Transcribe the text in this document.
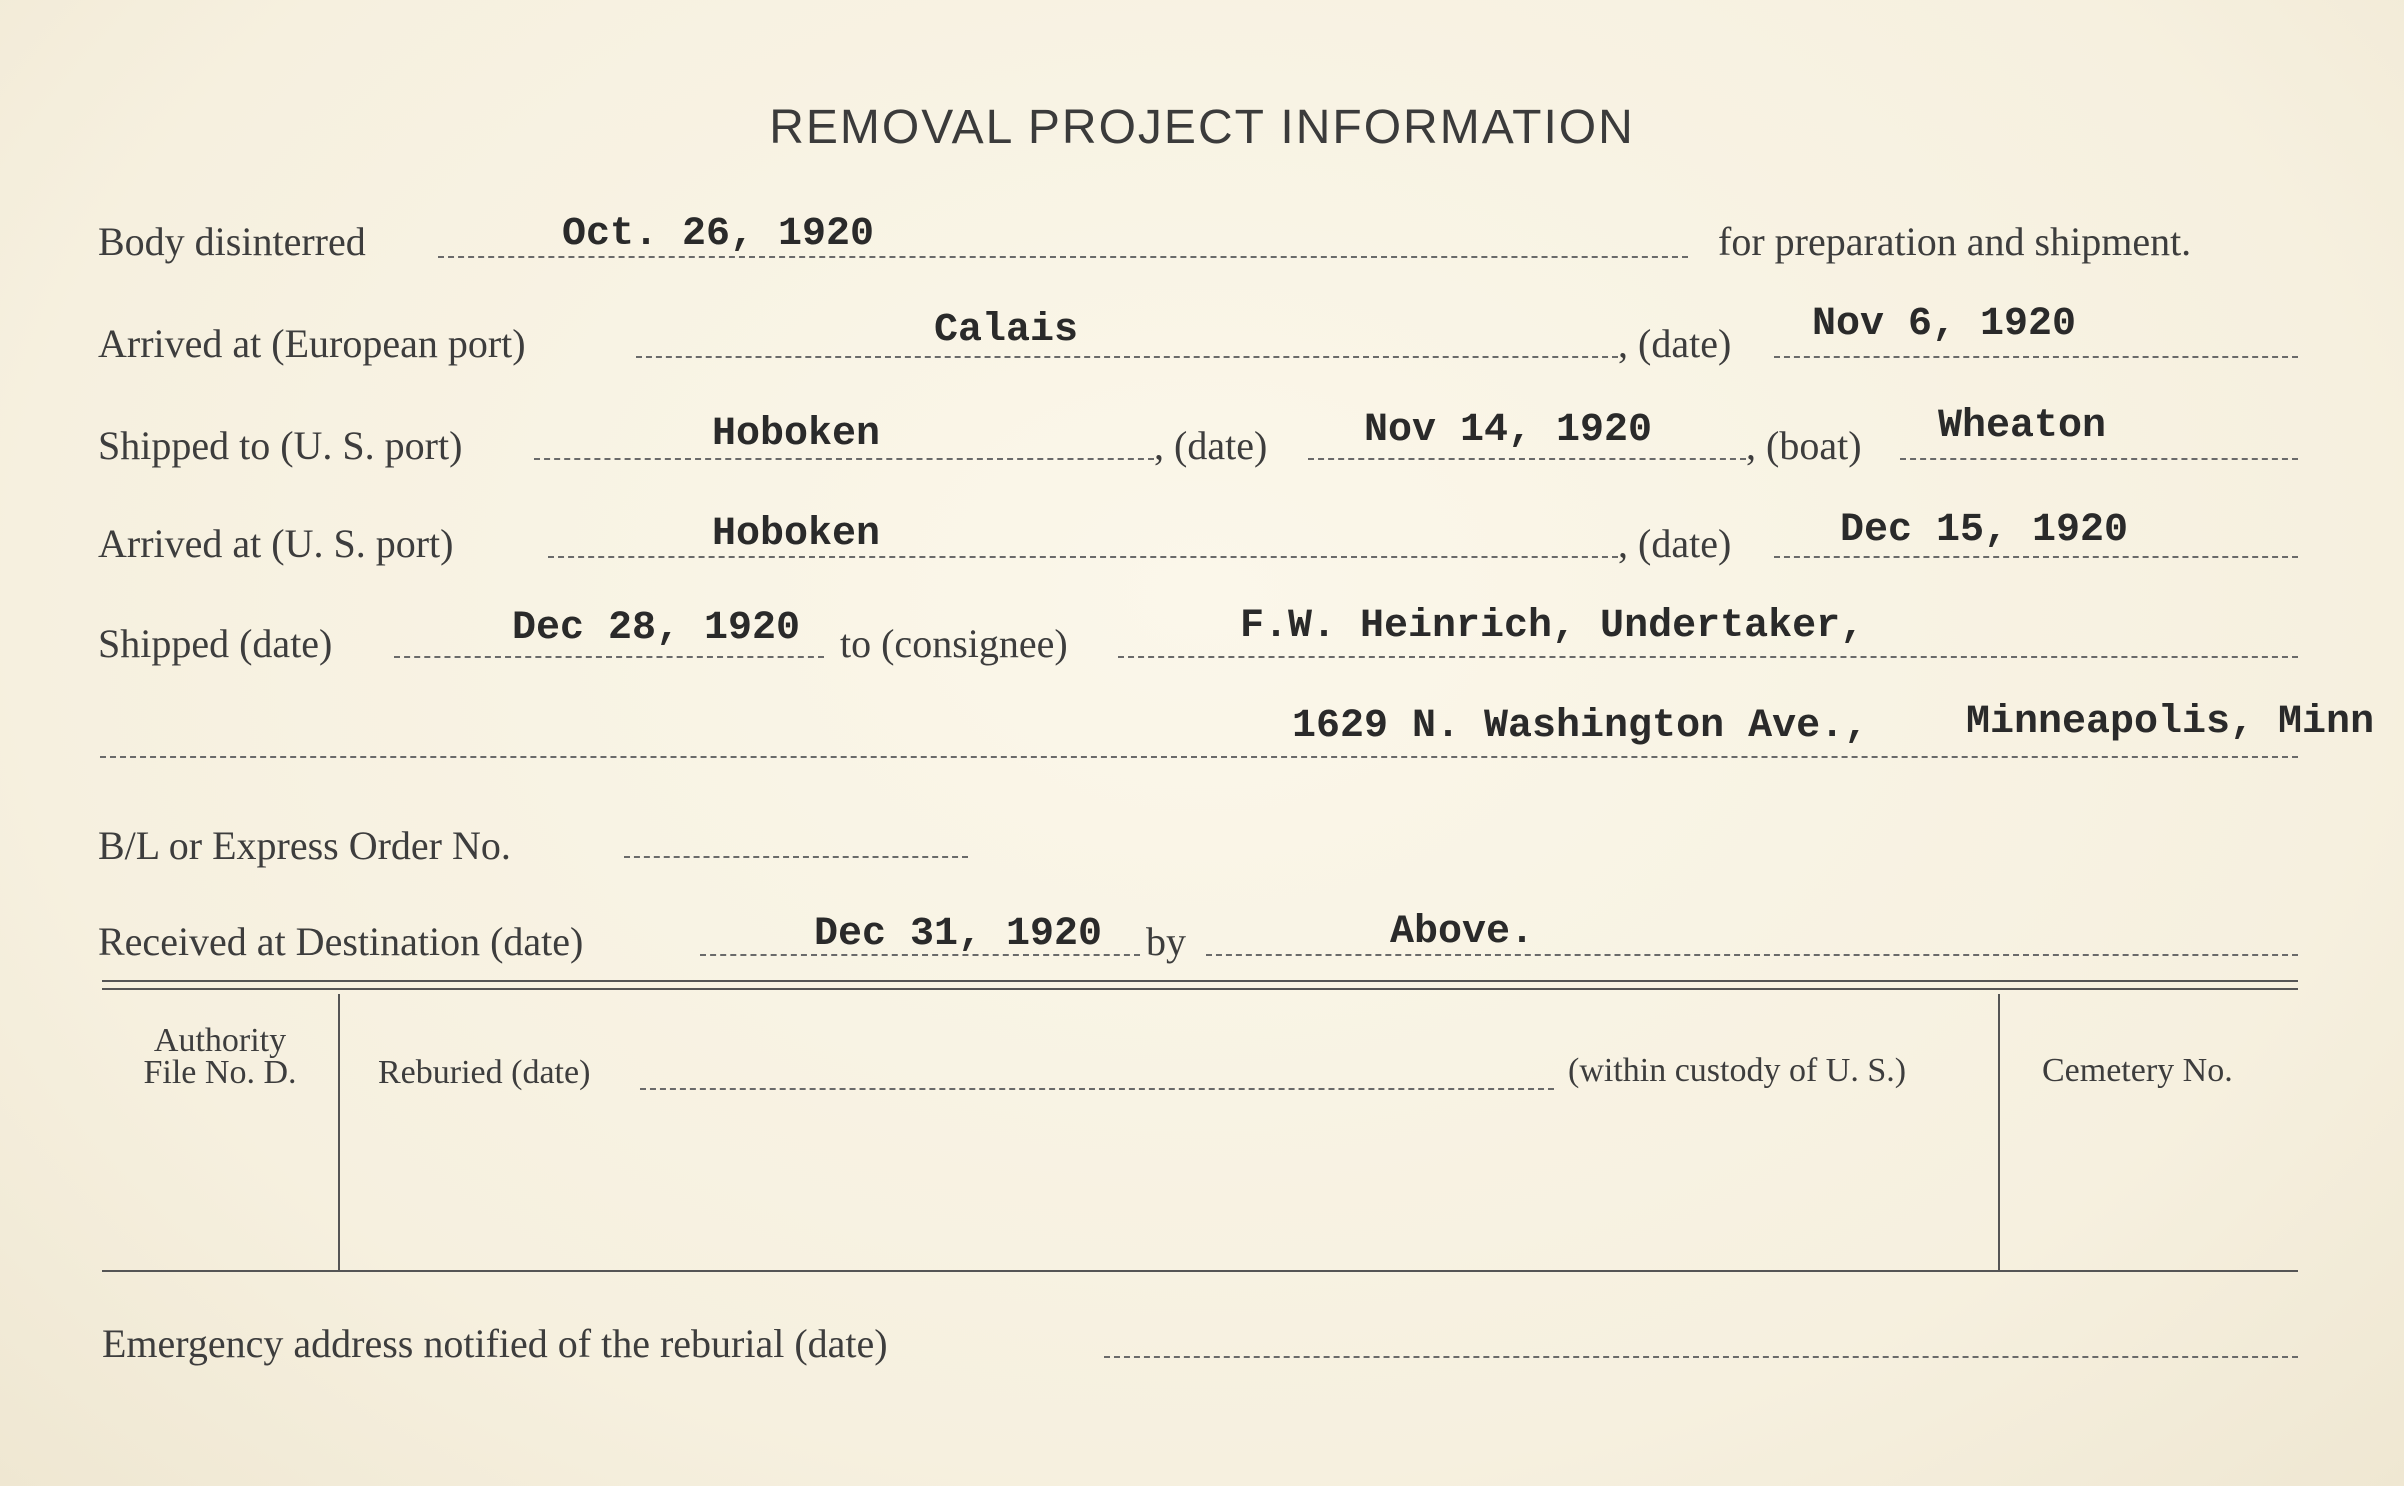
REMOVAL PROJECT INFORMATION
Body disinterred	Oct. 26, 1920	for preparation and shipment.
Arrived at (European port)	Calais	, (date) Nov 6, 1920
Shipped to (U. S. port)	Hoboken	, (date) Nov 14, 1920 , (boat) Wheaton
Arrived at (U. S. port)	Hoboken	, (date)	Dec 15, 1920
Shipped (date)	Dec 28, 1920 to (consignee)	F.W. Heinrich, Undertaker,
1629 N. Washington Ave., Minneapolis, Minn
B/L or Express Order No.
Received at Destination (date)	Dec 31, 1920 by	Above.
Authority
File No. D.	Reburied (date)	(within custody of U. S.)	Cemetery No.
Emergency address notified of the reburial (date)
